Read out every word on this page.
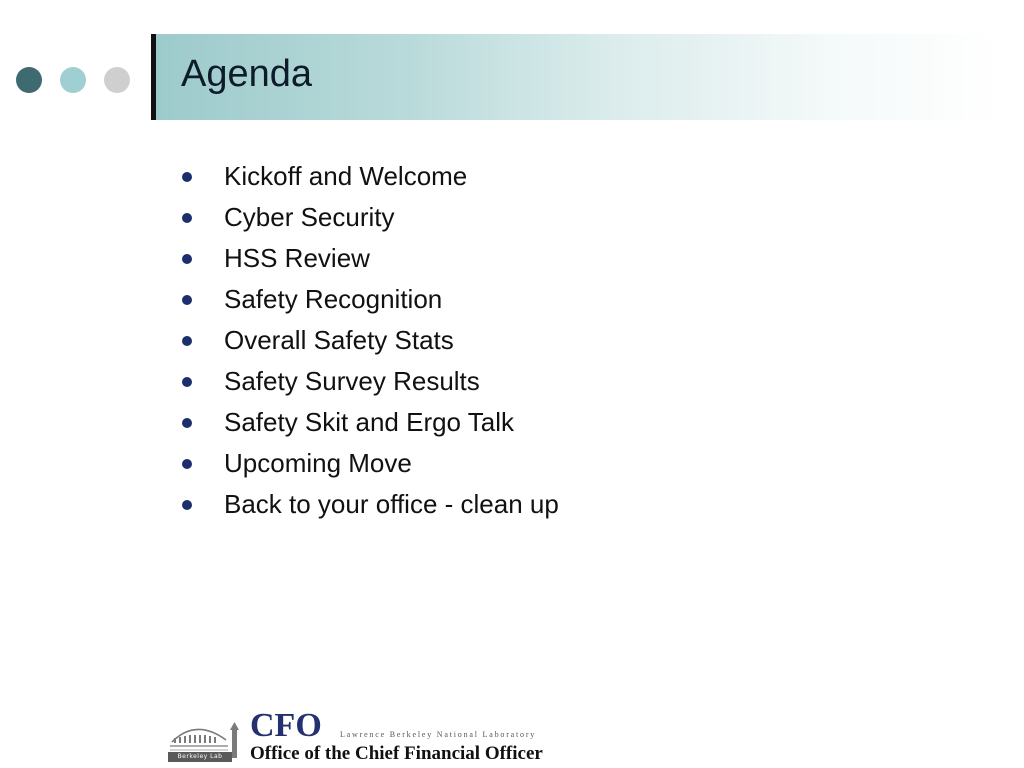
Agenda
Kickoff and Welcome
Cyber Security
HSS Review
Safety Recognition
Overall Safety Stats
Safety Survey Results
Safety Skit and Ergo Talk
Upcoming Move
Back to your office - clean up
Berkeley Lab
CFO Lawrence Berkeley National Laboratory
Office of the Chief Financial Officer
